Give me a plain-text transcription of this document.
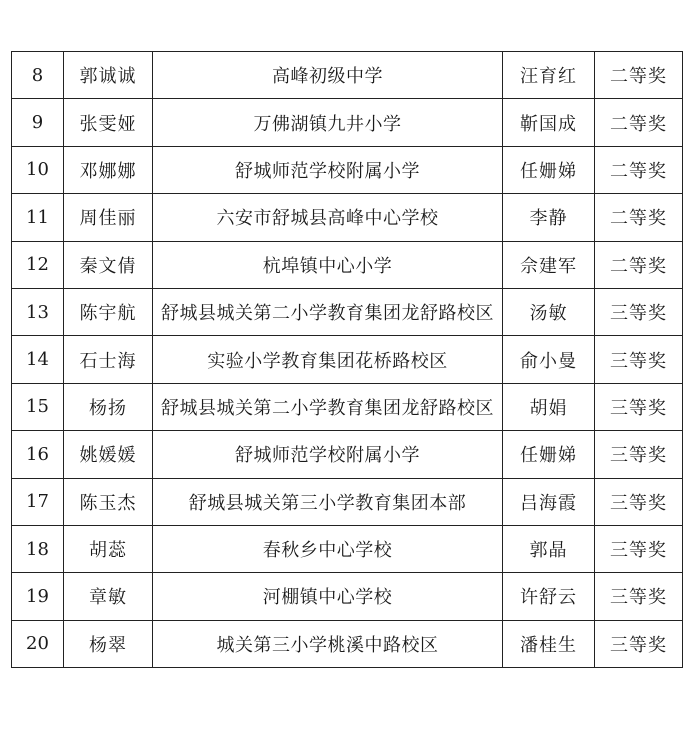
8	郭诚诚	高峰初级中学	汪育红	二等奖
9	张雯娅	万佛湖镇九井小学	靳国成	二等奖
10	邓娜娜	舒城师范学校附属小学	任姗娣	二等奖
11	周佳丽	六安市舒城县高峰中心学校	李静	二等奖
12	秦文倩	杭埠镇中心小学	佘建军	二等奖
13	陈宇航	舒城县城关第二小学教育集团龙舒路校区	汤敏	三等奖
14	石士海	实验小学教育集团花桥路校区	俞小曼	三等奖
15	杨扬	舒城县城关第二小学教育集团龙舒路校区	胡娟	三等奖
16	姚媛媛	舒城师范学校附属小学	任姗娣	三等奖
17	陈玉杰	舒城县城关第三小学教育集团本部	吕海霞	三等奖
18	胡蕊	春秋乡中心学校	郭晶	三等奖
19	章敏	河棚镇中心学校	许舒云	三等奖
20	杨翠	城关第三小学桃溪中路校区	潘桂生	三等奖
